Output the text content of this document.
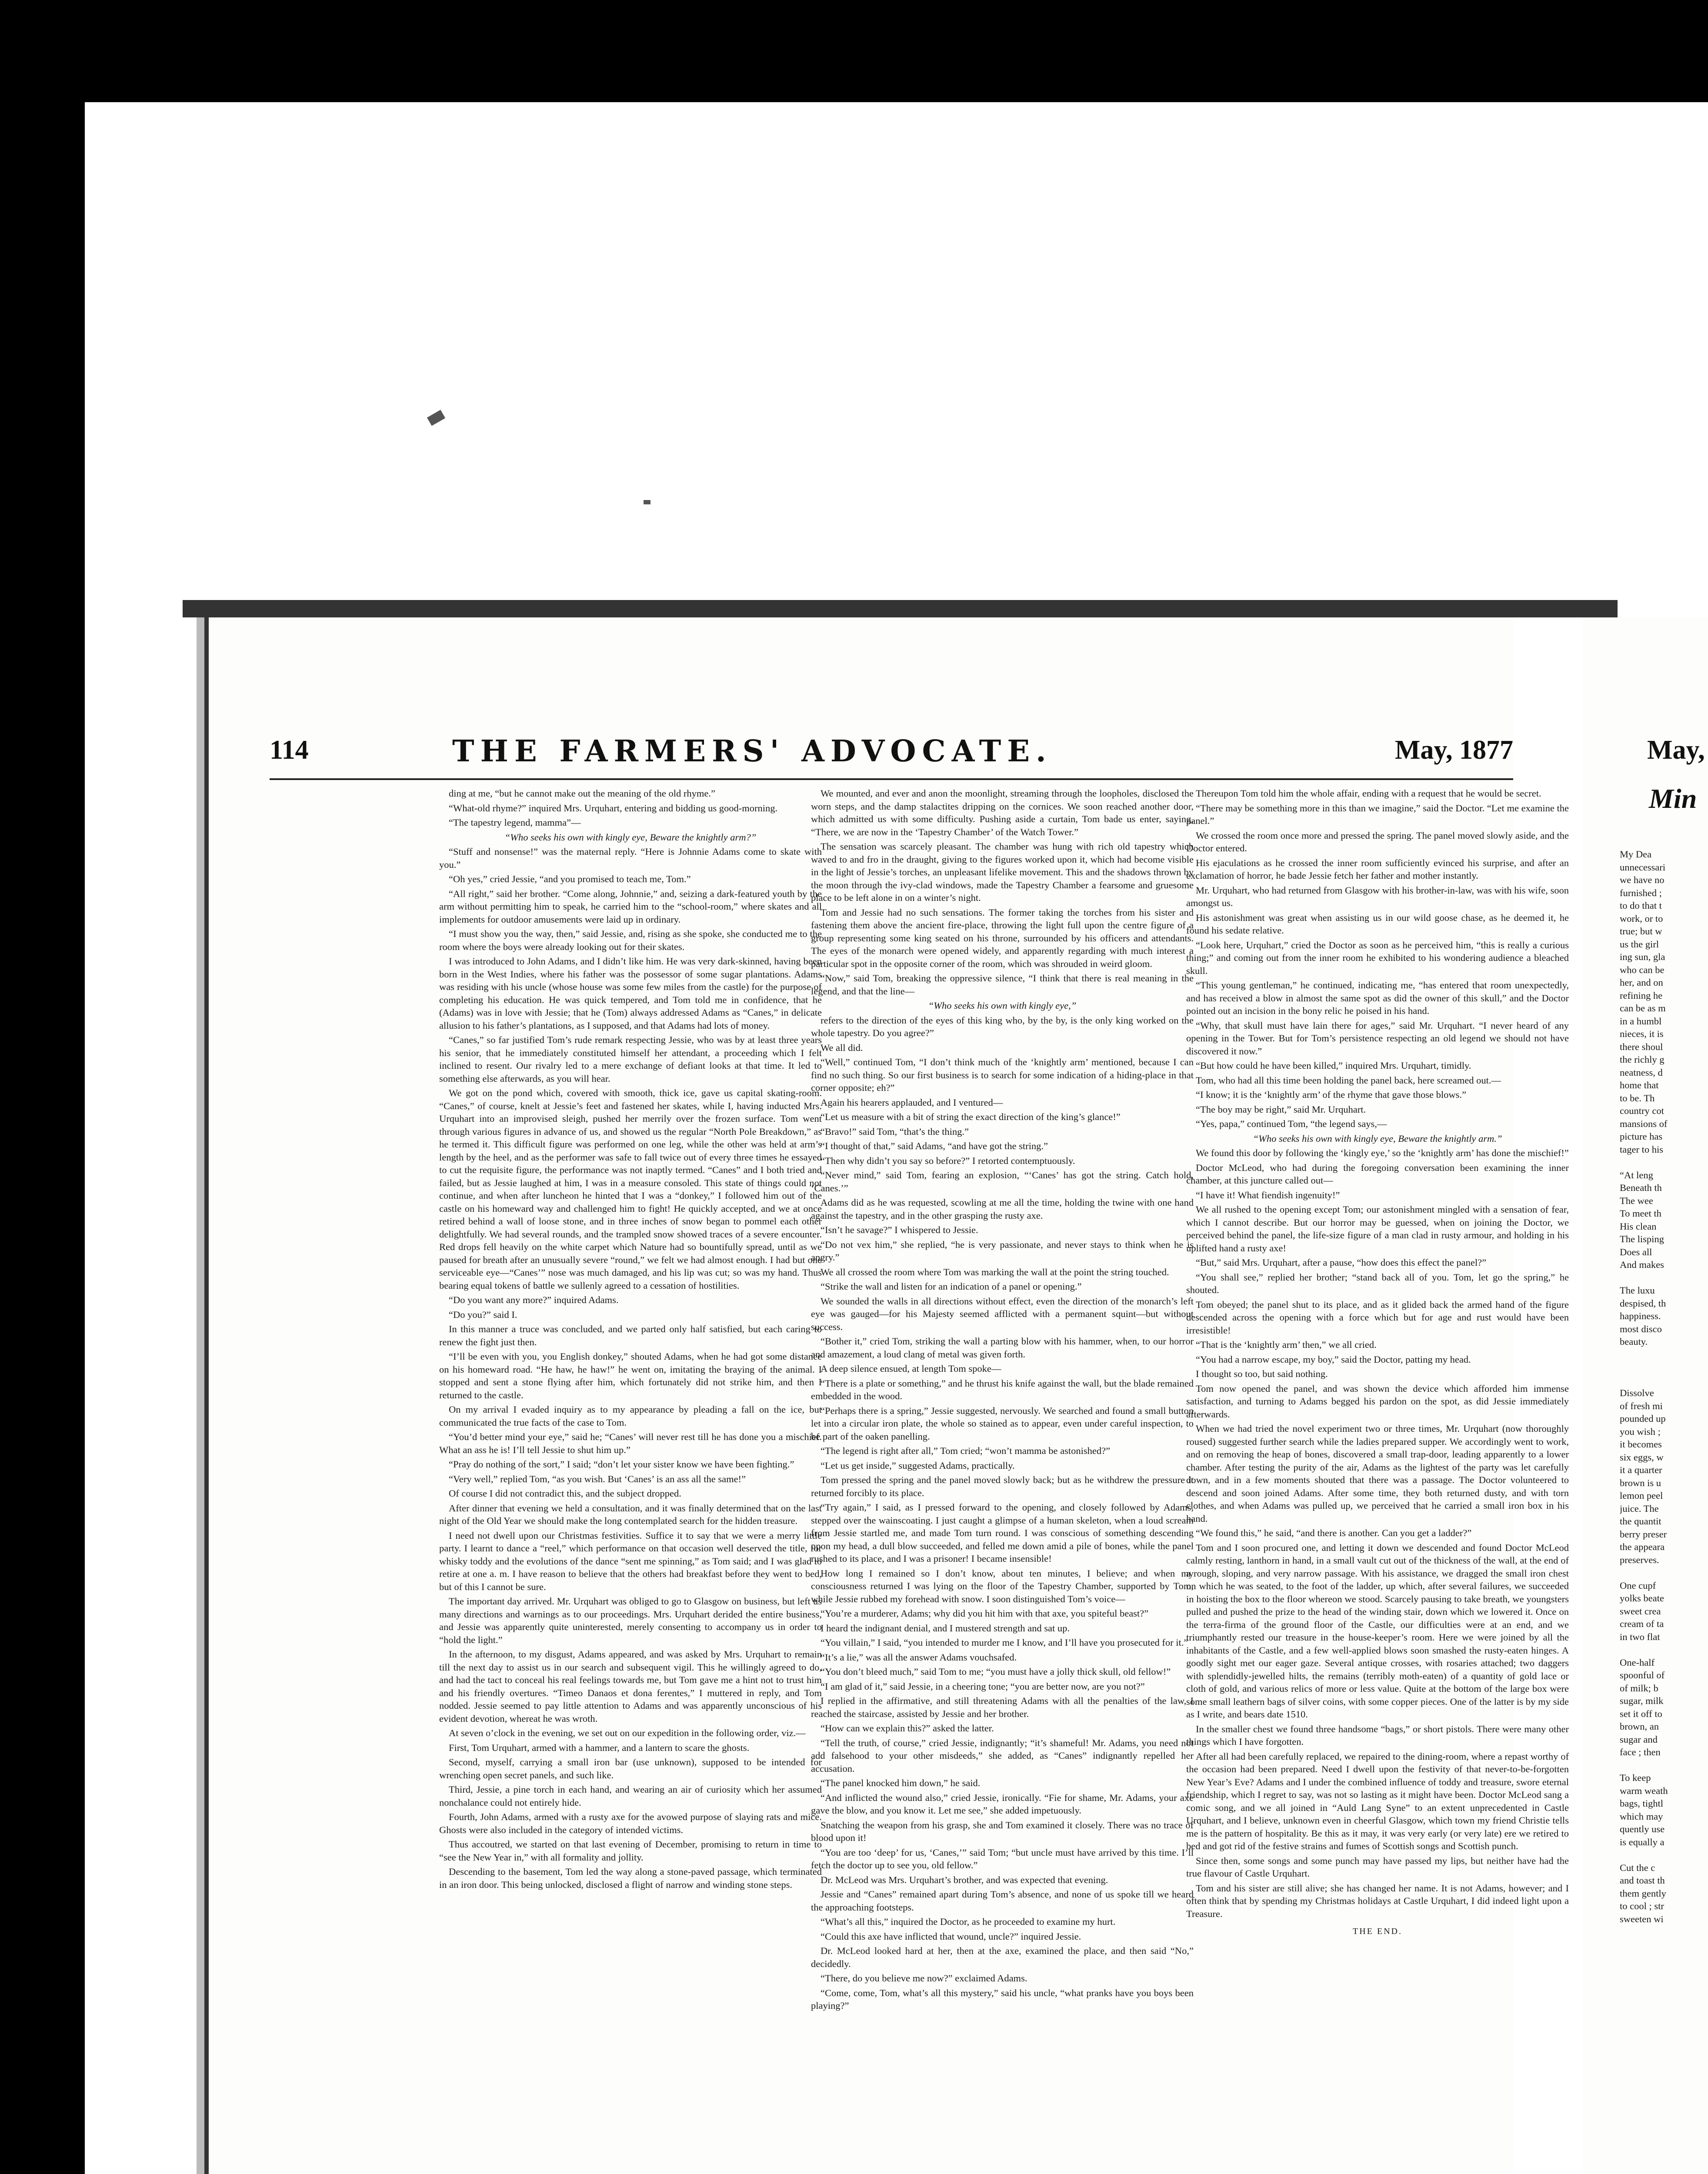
114	THE FARMERS' ADVOCATE.	May, 1877

ding at me, “but he cannot make out the meaning of the old rhyme.”

“What-old rhyme?” inquired Mrs. Urquhart, entering and bidding us good-morning.

“The tapestry legend, mamma”—

“Who seeks his own with kingly eye, Beware the knightly arm?”

“Stuff and nonsense!” was the maternal reply. “Here is Johnnie Adams come to skate with you.”

“Oh yes,” cried Jessie, “and you promised to teach me, Tom.”

“All right,” said her brother. “Come along, Johnnie,” and, seizing a dark-featured youth by the arm without permitting him to speak, he carried him to the “school-room,” where skates and all implements for outdoor amusements were laid up in ordinary.

“I must show you the way, then,” said Jessie, and, rising as she spoke, she conducted me to the room where the boys were already looking out for their skates.

I was introduced to John Adams, and I didn’t like him. He was very dark-skinned, having been born in the West Indies, where his father was the possessor of some sugar plantations. Adams was residing with his uncle (whose house was some few miles from the castle) for the purpose of completing his education. He was quick tempered, and Tom told me in confidence, that he (Adams) was in love with Jessie; that he (Tom) always addressed Adams as “Canes,” in delicate allusion to his father’s plantations, as I supposed, and that Adams had lots of money.

“Canes,” so far justified Tom’s rude remark respecting Jessie, who was by at least three years his senior, that he immediately constituted himself her attendant, a proceeding which I felt inclined to resent. Our rivalry led to a mere exchange of defiant looks at that time. It led to something else afterwards, as you will hear.

We got on the pond which, covered with smooth, thick ice, gave us capital skating-room. “Canes,” of course, knelt at Jessie’s feet and fastened her skates, while I, having inducted Mrs. Urquhart into an improvised sleigh, pushed her merrily over the frozen surface. Tom went through various figures in advance of us, and showed us the regular “North Pole Breakdown,” as he termed it. This difficult figure was performed on one leg, while the other was held at arm’s length by the heel, and as the performer was safe to fall twice out of every three times he essayed to cut the requisite figure, the performance was not inaptly termed. “Canes” and I both tried and failed, but as Jessie laughed at him, I was in a measure consoled. This state of things could not continue, and when after luncheon he hinted that I was a “donkey,” I followed him out of the castle on his homeward way and challenged him to fight! He quickly accepted, and we at once retired behind a wall of loose stone, and in three inches of snow began to pommel each other delightfully. We had several rounds, and the trampled snow showed traces of a severe encounter. Red drops fell heavily on the white carpet which Nature had so bountifully spread, until as we paused for breath after an unusually severe “round,” we felt we had almost enough. I had but one serviceable eye—“Canes’” nose was much damaged, and his lip was cut; so was my hand. Thus bearing equal tokens of battle we sullenly agreed to a cessation of hostilities.

“Do you want any more?” inquired Adams.

“Do you?” said I.

In this manner a truce was concluded, and we parted only half satisfied, but each caring to renew the fight just then.

“I’ll be even with you, you English donkey,” shouted Adams, when he had got some distance on his homeward road. “He haw, he haw!” he went on, imitating the braying of the animal. I stopped and sent a stone flying after him, which fortunately did not strike him, and then I returned to the castle.

On my arrival I evaded inquiry as to my appearance by pleading a fall on the ice, but communicated the true facts of the case to Tom.

“You’d better mind your eye,” said he; “Canes’ will never rest till he has done you a mischief. What an ass he is! I’ll tell Jessie to shut him up.”

“Pray do nothing of the sort,” I said; “don’t let your sister know we have been fighting.”

“Very well,” replied Tom, “as you wish. But ‘Canes’ is an ass all the same!”

Of course I did not contradict this, and the subject dropped.

After dinner that evening we held a consultation, and it was finally determined that on the last night of the Old Year we should make the long contemplated search for the hidden treasure.

I need not dwell upon our Christmas festivities. Suffice it to say that we were a merry little party. I learnt to dance a “reel,” which performance on that occasion well deserved the title, for whisky toddy and the evolutions of the dance “sent me spinning,” as Tom said; and I was glad to retire at one a. m. I have reason to believe that the others had breakfast before they went to bed, but of this I cannot be sure.

The important day arrived. Mr. Urquhart was obliged to go to Glasgow on business, but left us many directions and warnings as to our proceedings. Mrs. Urquhart derided the entire business, and Jessie was apparently quite uninterested, merely consenting to accompany us in order to “hold the light.”

In the afternoon, to my disgust, Adams appeared, and was asked by Mrs. Urquhart to remain till the next day to assist us in our search and subsequent vigil. This he willingly agreed to do, and had the tact to conceal his real feelings towards me, but Tom gave me a hint not to trust him and his friendly overtures. “Timeo Danaos et dona ferentes,” I muttered in reply, and Tom nodded. Jessie seemed to pay little attention to Adams and was apparently unconscious of his evident devotion, whereat he was wroth.

At seven o’clock in the evening, we set out on our expedition in the following order, viz.—

First, Tom Urquhart, armed with a hammer, and a lantern to scare the ghosts.

Second, myself, carrying a small iron bar (use unknown), supposed to be intended for wrenching open secret panels, and such like.

Third, Jessie, a pine torch in each hand, and wearing an air of curiosity which her assumed nonchalance could not entirely hide.

Fourth, John Adams, armed with a rusty axe for the avowed purpose of slaying rats and mice. Ghosts were also included in the category of intended victims.

Thus accoutred, we started on that last evening of December, promising to return in time to “see the New Year in,” with all formality and jollity.

Descending to the basement, Tom led the way along a stone-paved passage, which terminated in an iron door. This being unlocked, disclosed a flight of narrow and winding stone steps.

We mounted, and ever and anon the moonlight, streaming through the loopholes, disclosed the worn steps, and the damp stalactites dripping on the cornices. We soon reached another door, which admitted us with some difficulty. Pushing aside a curtain, Tom bade us enter, saying, “There, we are now in the ‘Tapestry Chamber’ of the Watch Tower.”

The sensation was scarcely pleasant. The chamber was hung with rich old tapestry which waved to and fro in the draught, giving to the figures worked upon it, which had become visible in the light of Jessie’s torches, an unpleasant lifelike movement. This and the shadows thrown by the moon through the ivy-clad windows, made the Tapestry Chamber a fearsome and gruesome place to be left alone in on a winter’s night.

Tom and Jessie had no such sensations. The former taking the torches from his sister and fastening them above the ancient fire-place, throwing the light full upon the centre figure of a group representing some king seated on his throne, surrounded by his officers and attendants. The eyes of the monarch were opened widely, and apparently regarding with much interest a particular spot in the opposite corner of the room, which was shrouded in weird gloom.

“Now,” said Tom, breaking the oppressive silence, “I think that there is real meaning in the legend, and that the line—

“Who seeks his own with kingly eye,”

refers to the direction of the eyes of this king who, by the by, is the only king worked on the whole tapestry. Do you agree?”

We all did.

“Well,” continued Tom, “I don’t think much of the ‘knightly arm’ mentioned, because I can find no such thing. So our first business is to search for some indication of a hiding-place in that corner opposite; eh?”

Again his hearers applauded, and I ventured—

“Let us measure with a bit of string the exact direction of the king’s glance!”

“Bravo!” said Tom, “that’s the thing.”

“I thought of that,” said Adams, “and have got the string.”

“Then why didn’t you say so before?” I retorted contemptuously.

“Never mind,” said Tom, fearing an explosion, “‘Canes’ has got the string. Catch hold, ‘Canes.’”

Adams did as he was requested, scowling at me all the time, holding the twine with one hand against the tapestry, and in the other grasping the rusty axe.

“Isn’t he savage?” I whispered to Jessie.

“Do not vex him,” she replied, “he is very passionate, and never stays to think when he is angry.”

We all crossed the room where Tom was marking the wall at the point the string touched.

“Strike the wall and listen for an indication of a panel or opening.”

We sounded the walls in all directions without effect, even the direction of the monarch’s left eye was gauged—for his Majesty seemed afflicted with a permanent squint—but without success.

“Bother it,” cried Tom, striking the wall a parting blow with his hammer, when, to our horror and amazement, a loud clang of metal was given forth.

A deep silence ensued, at length Tom spoke—

“There is a plate or something,” and he thrust his knife against the wall, but the blade remained embedded in the wood.

“Perhaps there is a spring,” Jessie suggested, nervously. We searched and found a small button let into a circular iron plate, the whole so stained as to appear, even under careful inspection, to be part of the oaken panelling.

“The legend is right after all,” Tom cried; “won’t mamma be astonished?”

“Let us get inside,” suggested Adams, practically.

Tom pressed the spring and the panel moved slowly back; but as he withdrew the pressure it returned forcibly to its place.

“Try again,” I said, as I pressed forward to the opening, and closely followed by Adams, stepped over the wainscoating. I just caught a glimpse of a human skeleton, when a loud scream from Jessie startled me, and made Tom turn round. I was conscious of something descending upon my head, a dull blow succeeded, and felled me down amid a pile of bones, while the panel rushed to its place, and I was a prisoner! I became insensible!

How long I remained so I don’t know, about ten minutes, I believe; and when my consciousness returned I was lying on the floor of the Tapestry Chamber, supported by Tom, while Jessie rubbed my forehead with snow. I soon distinguished Tom’s voice—

“You’re a murderer, Adams; why did you hit him with that axe, you spiteful beast?”

I heard the indignant denial, and I mustered strength and sat up.

“You villain,” I said, “you intended to murder me I know, and I’ll have you prosecuted for it.”

“It’s a lie,” was all the answer Adams vouchsafed.

“You don’t bleed much,” said Tom to me; “you must have a jolly thick skull, old fellow!”

“I am glad of it,” said Jessie, in a cheering tone; “you are better now, are you not?”

I replied in the affirmative, and still threatening Adams with all the penalties of the law, I reached the staircase, assisted by Jessie and her brother.

“How can we explain this?” asked the latter.

“Tell the truth, of course,” cried Jessie, indignantly; “it’s shameful! Mr. Adams, you need not add falsehood to your other misdeeds,” she added, as “Canes” indignantly repelled her accusation.

“The panel knocked him down,” he said.

“And inflicted the wound also,” cried Jessie, ironically. “Fie for shame, Mr. Adams, your axe gave the blow, and you know it. Let me see,” she added impetuously.

Snatching the weapon from his grasp, she and Tom examined it closely. There was no trace of blood upon it!

“You are too ‘deep’ for us, ‘Canes,’” said Tom; “but uncle must have arrived by this time. I’ll fetch the doctor up to see you, old fellow.”

Dr. McLeod was Mrs. Urquhart’s brother, and was expected that evening.

Jessie and “Canes” remained apart during Tom’s absence, and none of us spoke till we heard the approaching footsteps.

“What’s all this,” inquired the Doctor, as he proceeded to examine my hurt.

“Could this axe have inflicted that wound, uncle?” inquired Jessie.

Dr. McLeod looked hard at her, then at the axe, examined the place, and then said “No,” decidedly.

“There, do you believe me now?” exclaimed Adams.

“Come, come, Tom, what’s all this mystery,” said his uncle, “what pranks have you boys been playing?”

Thereupon Tom told him the whole affair, ending with a request that he would be secret.

“There may be something more in this than we imagine,” said the Doctor. “Let me examine the panel.”

We crossed the room once more and pressed the spring. The panel moved slowly aside, and the Doctor entered.

His ejaculations as he crossed the inner room sufficiently evinced his surprise, and after an exclamation of horror, he bade Jessie fetch her father and mother instantly.

Mr. Urquhart, who had returned from Glasgow with his brother-in-law, was with his wife, soon amongst us.

His astonishment was great when assisting us in our wild goose chase, as he deemed it, he found his sedate relative.

“Look here, Urquhart,” cried the Doctor as soon as he perceived him, “this is really a curious thing;” and coming out from the inner room he exhibited to his wondering audience a bleached skull.

“This young gentleman,” he continued, indicating me, “has entered that room unexpectedly, and has received a blow in almost the same spot as did the owner of this skull,” and the Doctor pointed out an incision in the bony relic he poised in his hand.

“Why, that skull must have lain there for ages,” said Mr. Urquhart. “I never heard of any opening in the Tower. But for Tom’s persistence respecting an old legend we should not have discovered it now.”

“But how could he have been killed,” inquired Mrs. Urquhart, timidly.

Tom, who had all this time been holding the panel back, here screamed out.—

“I know; it is the ‘knightly arm’ of the rhyme that gave those blows.”

“The boy may be right,” said Mr. Urquhart.

“Yes, papa,” continued Tom, “the legend says,—

“Who seeks his own with kingly eye, Beware the knightly arm.”

We found this door by following the ‘kingly eye,’ so the ‘knightly arm’ has done the mischief!”

Doctor McLeod, who had during the foregoing conversation been examining the inner chamber, at this juncture called out—

“I have it! What fiendish ingenuity!”

We all rushed to the opening except Tom; our astonishment mingled with a sensation of fear, which I cannot describe. But our horror may be guessed, when on joining the Doctor, we perceived behind the panel, the life-size figure of a man clad in rusty armour, and holding in his uplifted hand a rusty axe!

“But,” said Mrs. Urquhart, after a pause, “how does this effect the panel?”

“You shall see,” replied her brother; “stand back all of you. Tom, let go the spring,” he shouted.

Tom obeyed; the panel shut to its place, and as it glided back the armed hand of the figure descended across the opening with a force which but for age and rust would have been irresistible!

“That is the ‘knightly arm’ then,” we all cried.

“You had a narrow escape, my boy,” said the Doctor, patting my head.

I thought so too, but said nothing.

Tom now opened the panel, and was shown the device which afforded him immense satisfaction, and turning to Adams begged his pardon on the spot, as did Jessie immediately afterwards.

When we had tried the novel experiment two or three times, Mr. Urquhart (now thoroughly roused) suggested further search while the ladies prepared supper. We accordingly went to work, and on removing the heap of bones, discovered a small trap-door, leading apparently to a lower chamber. After testing the purity of the air, Adams as the lightest of the party was let carefully down, and in a few moments shouted that there was a passage. The Doctor volunteered to descend and soon joined Adams. After some time, they both returned dusty, and with torn clothes, and when Adams was pulled up, we perceived that he carried a small iron box in his hand.

“We found this,” he said, “and there is another. Can you get a ladder?”

Tom and I soon procured one, and letting it down we descended and found Doctor McLeod calmly resting, lanthorn in hand, in a small vault cut out of the thickness of the wall, at the end of a rough, sloping, and very narrow passage. With his assistance, we dragged the small iron chest on which he was seated, to the foot of the ladder, up which, after several failures, we succeeded in hoisting the box to the floor whereon we stood. Scarcely pausing to take breath, we youngsters pulled and pushed the prize to the head of the winding stair, down which we lowered it. Once on the terra-firma of the ground floor of the Castle, our difficulties were at an end, and we triumphantly rested our treasure in the house-keeper’s room. Here we were joined by all the inhabitants of the Castle, and a few well-applied blows soon smashed the rusty-eaten hinges. A goodly sight met our eager gaze. Several antique crosses, with rosaries attached; two daggers with splendidly-jewelled hilts, the remains (terribly moth-eaten) of a quantity of gold lace or cloth of gold, and various relics of more or less value. Quite at the bottom of the large box were some small leathern bags of silver coins, with some copper pieces. One of the latter is by my side as I write, and bears date 1510.

In the smaller chest we found three handsome “bags,” or short pistols. There were many other things which I have forgotten.

After all had been carefully replaced, we repaired to the dining-room, where a repast worthy of the occasion had been prepared. Need I dwell upon the festivity of that never-to-be-forgotten New Year’s Eve? Adams and I under the combined influence of toddy and treasure, swore eternal friendship, which I regret to say, was not so lasting as it might have been. Doctor McLeod sang a comic song, and we all joined in “Auld Lang Syne” to an extent unprecedented in Castle Urquhart, and I believe, unknown even in cheerful Glasgow, which town my friend Christie tells me is the pattern of hospitality. Be this as it may, it was very early (or very late) ere we retired to bed and got rid of the festive strains and fumes of Scottish songs and Scottish punch.

Since then, some songs and some punch may have passed my lips, but neither have had the true flavour of Castle Urquhart.

Tom and his sister are still alive; she has changed her name. It is not Adams, however; and I often think that by spending my Christmas holidays at Castle Urquhart, I did indeed light upon a Treasure.

THE END.
May,
Min
My Dea
unnecessari
we have no
furnished ;
to do that t
work, or to
true; but w
us the girl
ing sun, gla
who can be
her, and on
refining he
can be as m
in a humbl
nieces, it is
there shoul
the richly g
neatness, d
home that
to be. Th
country cot
mansions of
picture has
tager to his

“At leng
Beneath th
The wee
To meet th
His clean
The lisping
Does all
And makes

The luxu
despised, th
happiness.
most disco
beauty.

Dissolve
of fresh mi
pounded up
you wish ;
it becomes
six eggs, w
it a quarter
brown is u
lemon peel
juice. The
the quantit
berry preser
the appeara
preserves.

One cupf
yolks beate
sweet crea
cream of ta
in two flat

One-half
spoonful of
of milk; b
sugar, milk
set it off to
brown, an
sugar and
face ; then

To keep
warm weath
bags, tightl
which may
quently use
is equally a

Cut the c
and toast th
them gently
to cool ; str
sweeten wi
